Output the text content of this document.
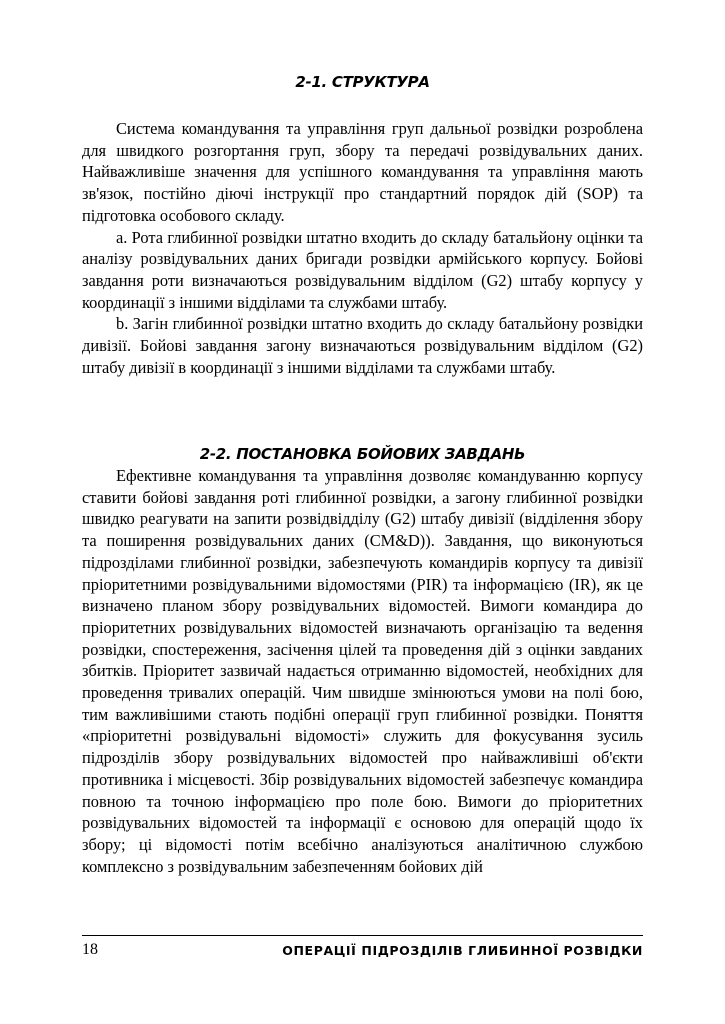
2-1. СТРУКТУРА

Система командування та управління груп дальньої розвідки розроблена для швидкого розгортання груп, збору та передачі розвідувальних даних. Найважливіше значення для успішного командування та управління мають зв'язок, постійно діючі інструкції про стандартний порядок дій (SOP) та підготовка особового складу.

a. Рота глибинної розвідки штатно входить до складу батальйону оцінки та аналізу розвідувальних даних бригади розвідки армійського корпусу. Бойові завдання роти визначаються розвідувальним відділом (G2) штабу корпусу у координації з іншими відділами та службами штабу.

b. Загін глибинної розвідки штатно входить до складу батальйону розвідки дивізії. Бойові завдання загону визначаються розвідувальним відділом (G2) штабу дивізії в координації з іншими відділами та службами штабу.

2-2. ПОСТАНОВКА БОЙОВИХ ЗАВДАНЬ

Ефективне командування та управління дозволяє командуванню корпусу ставити бойові завдання роті глибинної розвідки, а загону глибинної розвідки швидко реагувати на запити розвідвідділу (G2) штабу дивізії (відділення збору та поширення розвідувальних даних (CM&D)). Завдання, що виконуються підрозділами глибинної розвідки, забезпечують командирів корпусу та дивізії пріоритетними розвідувальними відомостями (PIR) та інформацією (IR), як це визначено планом збору розвідувальних відомостей. Вимоги командира до пріоритетних розвідувальних відомостей визначають організацію та ведення розвідки, спостереження, засічення цілей та проведення дій з оцінки завданих збитків. Пріоритет зазвичай надається отриманню відомостей, необхідних для проведення тривалих операцій. Чим швидше змінюються умови на полі бою, тим важливішими стають подібні операції груп глибинної розвідки. Поняття «пріоритетні розвідувальні відомості» служить для фокусування зусиль підрозділів збору розвідувальних відомостей про найважливіші об'єкти противника і місцевості. Збір розвідувальних відомостей забезпечує командира повною та точною інформацією про поле бою. Вимоги до пріоритетних розвідувальних відомостей та інформації є основою для операцій щодо їх збору; ці відомості потім всебічно аналізуються аналітичною службою комплексно з розвідувальним забезпеченням бойових дій

18	ОПЕРАЦІЇ ПІДРОЗДІЛІВ ГЛИБИННОЇ РОЗВІДКИ
